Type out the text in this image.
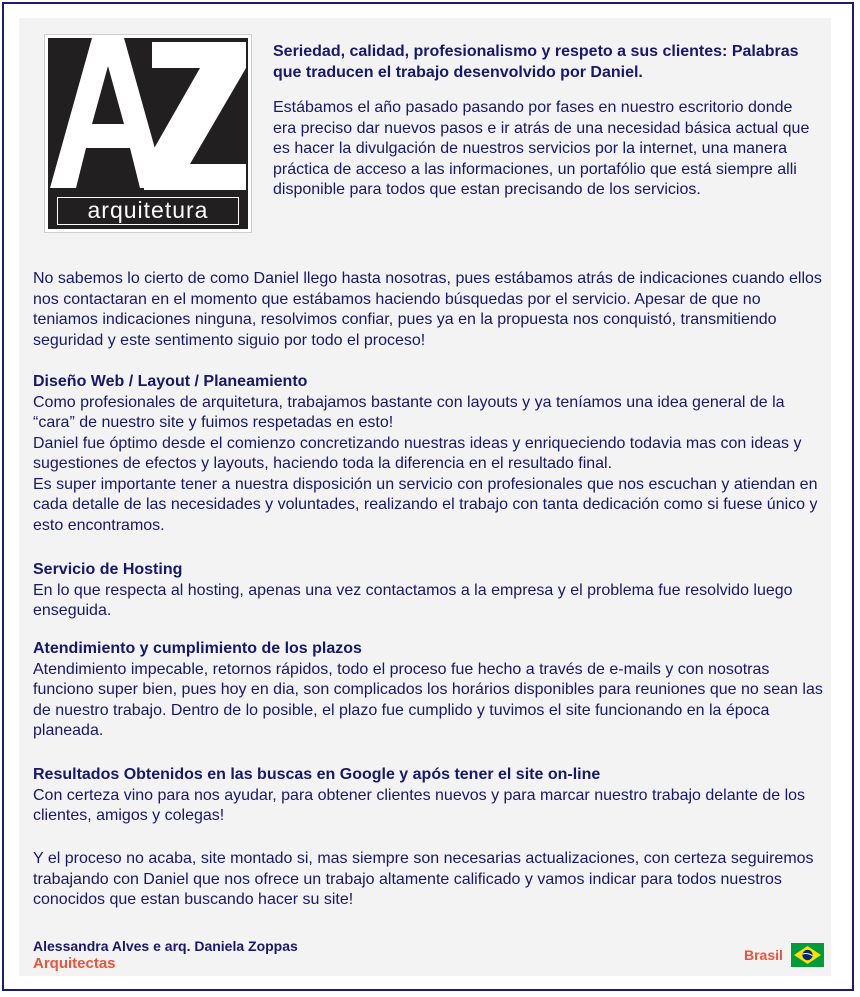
arquitetura

Seriedad, calidad, profesionalismo y respeto a sus clientes: Palabras que traducen el trabajo desenvolvido por Daniel.

Estábamos el año pasado pasando por fases en nuestro escritorio donde era preciso dar nuevos pasos e ir atrás de una necesidad básica actual que es hacer la divulgación de nuestros servicios por la internet, una manera práctica de acceso a las informaciones, un portafólio que está siempre alli disponible para todos que estan precisando de los servicios.

No sabemos lo cierto de como Daniel llego hasta nosotras, pues estábamos atrás de indicaciones cuando ellos nos contactaran en el momento que estábamos haciendo búsquedas por el servicio. Apesar de que no teniamos indicaciones ninguna, resolvimos confiar, pues ya en la propuesta nos conquistó, transmitiendo seguridad y este sentimento siguio por todo el proceso!

Diseño Web / Layout / Planeamiento

Como profesionales de arquitetura, trabajamos bastante con layouts y ya teníamos una idea general de la “cara” de nuestro site y fuimos respetadas en esto!

Daniel fue óptimo desde el comienzo concretizando nuestras ideas y enriqueciendo todavia mas con ideas y sugestiones de efectos y layouts, haciendo toda la diferencia en el resultado final.

Es super importante tener a nuestra disposición un servicio con profesionales que nos escuchan y atiendan en cada detalle de las necesidades y voluntades, realizando el trabajo con tanta dedicación como si fuese único y esto encontramos.

Servicio de Hosting

En lo que respecta al hosting, apenas una vez contactamos a la empresa y el problema fue resolvido luego enseguida.

Atendimiento y cumplimiento de los plazos

Atendimiento impecable, retornos rápidos, todo el proceso fue hecho a través de e-mails y con nosotras funciono super bien, pues hoy en dia, son complicados los horários disponibles para reuniones que no sean las de nuestro trabajo. Dentro de lo posible, el plazo fue cumplido y tuvimos el site funcionando en la época planeada.

Resultados Obtenidos en las buscas en Google y após tener el site on-line

Con certeza vino para nos ayudar, para obtener clientes nuevos y para marcar nuestro trabajo delante de los clientes, amigos y colegas!

Y el proceso no acaba, site montado si, mas siempre son necesarias actualizaciones, con certeza seguiremos trabajando con Daniel que nos ofrece un trabajo altamente calificado y vamos indicar para todos nuestros conocidos que estan buscando hacer su site!

Alessandra Alves e arq. Daniela Zoppas
Arquitectas	Brasil
